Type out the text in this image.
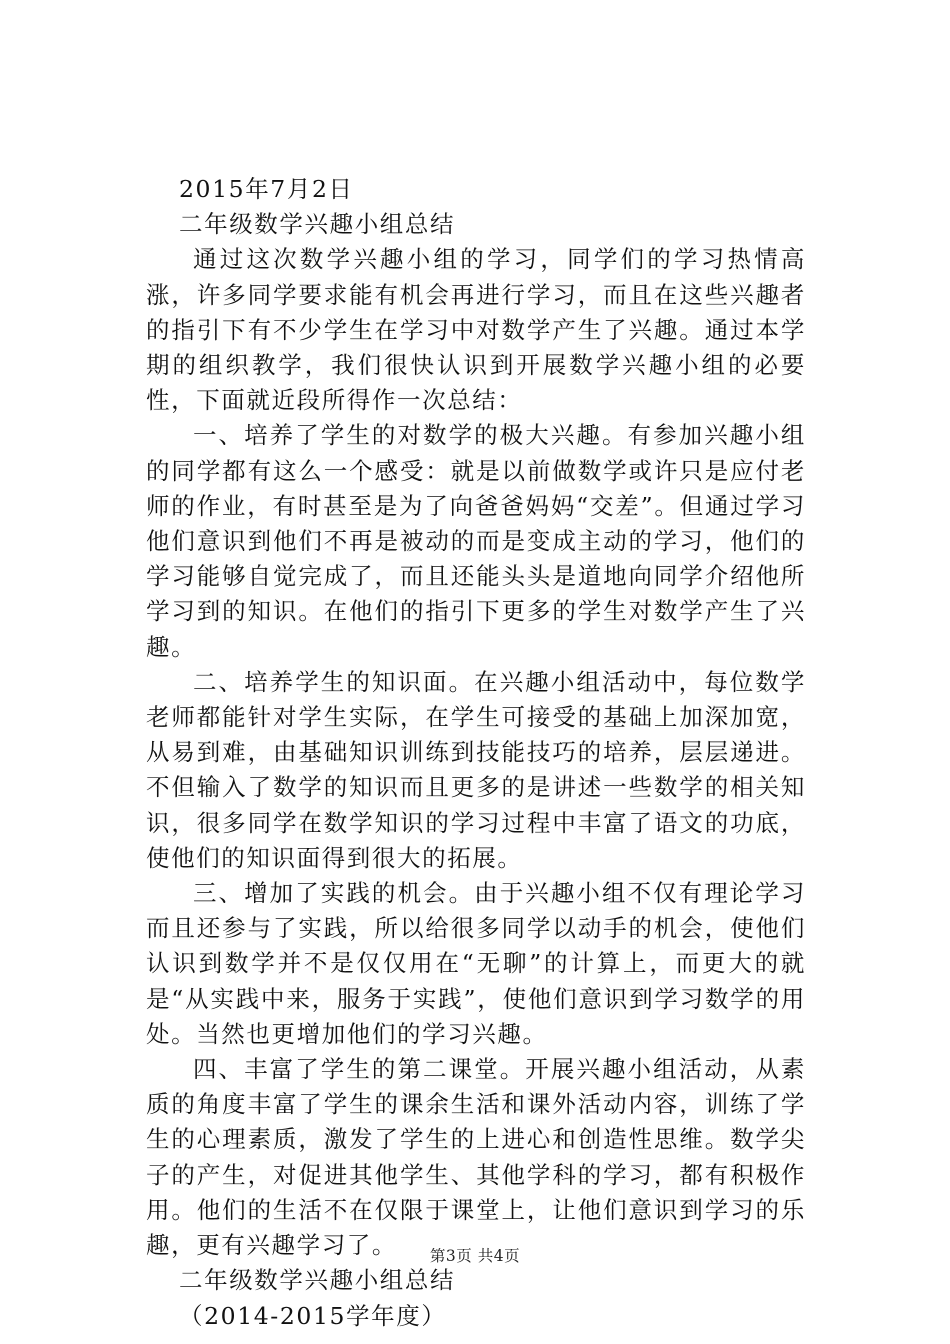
2015年7月2日

二年级数学兴趣小组总结

通过这次数学兴趣小组的学习，同学们的学习热情高涨，许多同学要求能有机会再进行学习，而且在这些兴趣者的指引下有不少学生在学习中对数学产生了兴趣。通过本学期的组织教学，我们很快认识到开展数学兴趣小组的必要性，下面就近段所得作一次总结：

一、培养了学生的对数学的极大兴趣。有参加兴趣小组的同学都有这么一个感受：就是以前做数学或许只是应付老师的作业，有时甚至是为了向爸爸妈妈“交差”。但通过学习他们意识到他们不再是被动的而是变成主动的学习，他们的学习能够自觉完成了，而且还能头头是道地向同学介绍他所学习到的知识。在他们的指引下更多的学生对数学产生了兴趣。

二、培养学生的知识面。在兴趣小组活动中，每位数学老师都能针对学生实际，在学生可接受的基础上加深加宽，从易到难，由基础知识训练到技能技巧的培养，层层递进。不但输入了数学的知识而且更多的是讲述一些数学的相关知识，很多同学在数学知识的学习过程中丰富了语文的功底，使他们的知识面得到很大的拓展。

三、增加了实践的机会。由于兴趣小组不仅有理论学习而且还参与了实践，所以给很多同学以动手的机会，使他们认识到数学并不是仅仅用在“无聊”的计算上，而更大的就是“从实践中来，服务于实践”，使他们意识到学习数学的用处。当然也更增加他们的学习兴趣。

四、丰富了学生的第二课堂。开展兴趣小组活动，从素质的角度丰富了学生的课余生活和课外活动内容，训练了学生的心理素质，激发了学生的上进心和创造性思维。数学尖子的产生，对促进其他学生、其他学科的学习，都有积极作用。他们的生活不在仅限于课堂上，让他们意识到学习的乐趣，更有兴趣学习了。

二年级数学兴趣小组总结

（2014-2015学年度）

第3页 共4页
